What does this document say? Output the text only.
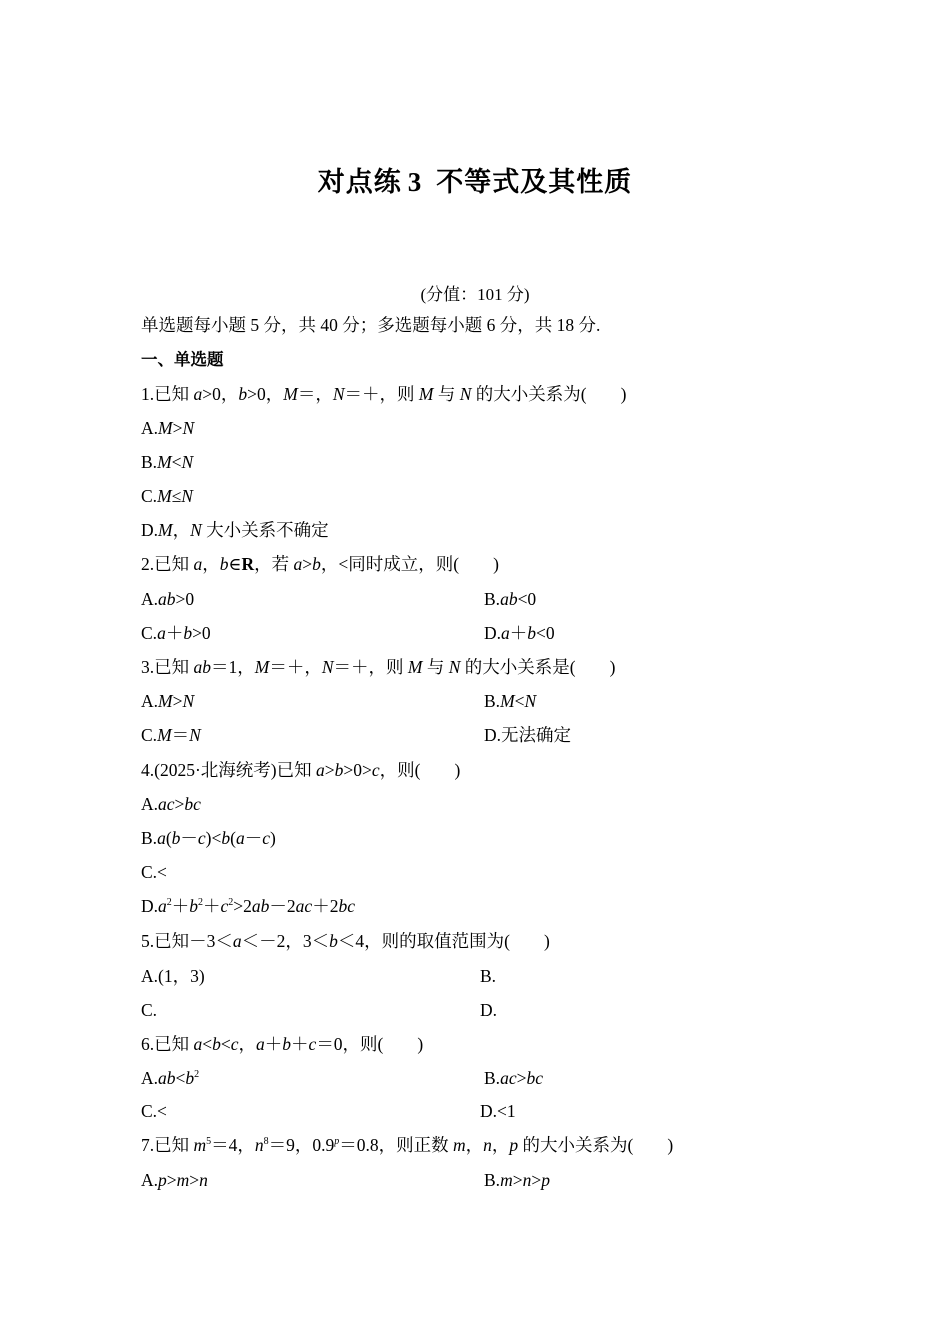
对点练 3 不等式及其性质
(分值：101 分)
单选题每小题 5 分，共 40 分；多选题每小题 6 分，共 18 分.
一、单选题
1.已知 a>0，b>0，M＝，N＝＋，则 M 与 N 的大小关系为( )
A.M>N
B.M<N
C.M≤N
D.M，N 大小关系不确定
2.已知 a，b∈R，若 a>b，<同时成立，则( )
A.ab>0	B.ab<0
C.a＋b>0	D.a＋b<0
3.已知 ab＝1，M＝＋，N＝＋，则 M 与 N 的大小关系是( )
A.M>N	B.M<N
C.M＝N	D.无法确定
4.(2025·北海统考)已知 a>b>0>c，则( )
A.ac>bc
B.a(b－c)<b(a－c)
C.<
$D.a^2+b^2+c^2>2ab-2ac+2bc$
5.已知－3＜a＜－2，3＜b＜4，则的取值范围为( )
A.(1，3)	B.
C.	D.
6.已知 a<b<c，a＋b＋c＝0，则( )
$A.ab<b^2$	B.ac>bc
C.<	D.<1
7.已知 $m^5=4$，$n^8=9$，$0.9^p=0.8$，则正数 m，n，p 的大小关系为( )
A.p>m>n	B.m>n>p
